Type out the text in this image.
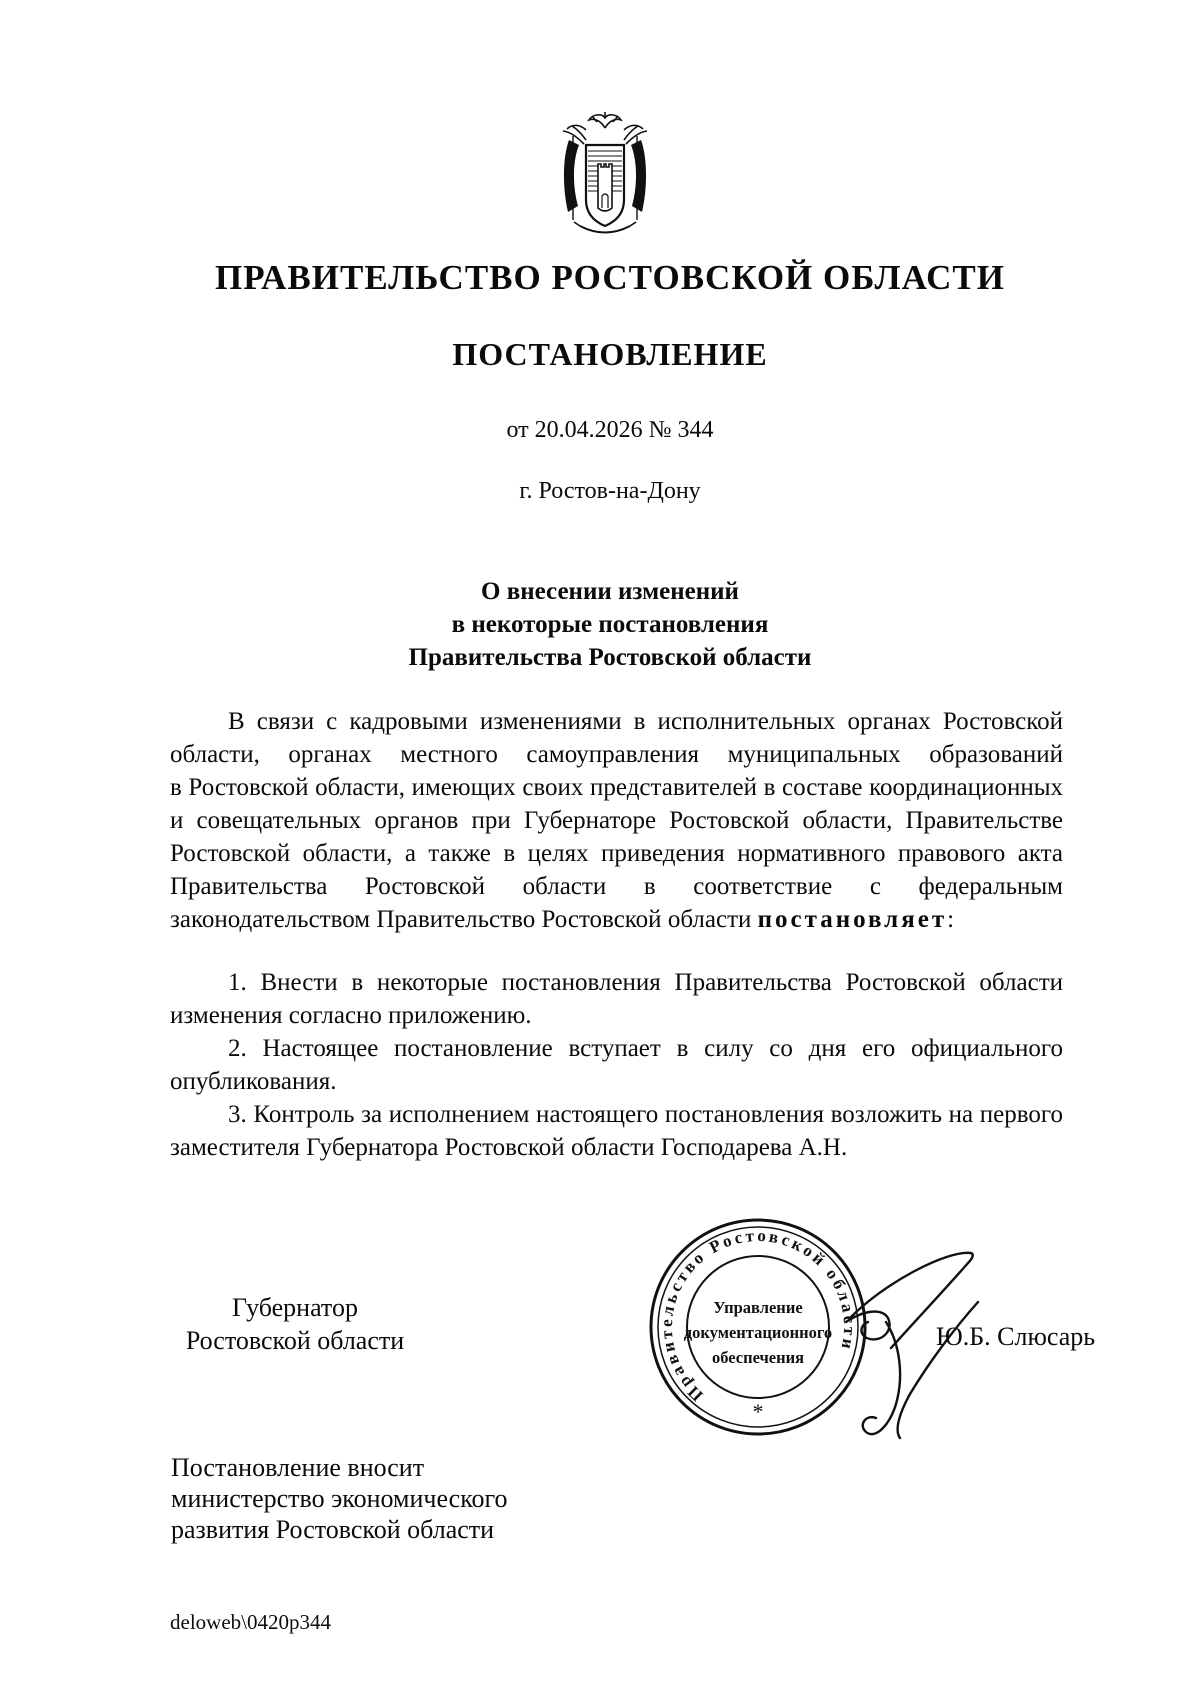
ПРАВИТЕЛЬСТВО РОСТОВСКОЙ ОБЛАСТИ
ПОСТАНОВЛЕНИЕ
от 20.04.2026 № 344
г. Ростов-на-Дону
О внесении изменений
в некоторые постановления
Правительства Ростовской области

В связи с кадровыми изменениями в исполнительных органах Ростовской области, органах местного самоуправления муниципальных образований в Ростовской области, имеющих своих представителей в составе координационных и совещательных органов при Губернаторе Ростовской области, Правительстве Ростовской области, а также в целях приведения нормативного правового акта Правительства Ростовской области в соответствие с федеральным законодательством Правительство Ростовской области постановляет:

1. Внести в некоторые постановления Правительства Ростовской области изменения согласно приложению.

2. Настоящее постановление вступает в силу со дня его официального опубликования.

3. Контроль за исполнением настоящего постановления возложить на первого заместителя Губернатора Ростовской области Господарева А.Н.

Губернатор
Ростовской области
Правительство Ростовской области
Управление
документационного
обеспечения
*
Ю.Б. Слюсарь
Постановление вносит
министерство экономического
развития Ростовской области
deloweb\0420p344
